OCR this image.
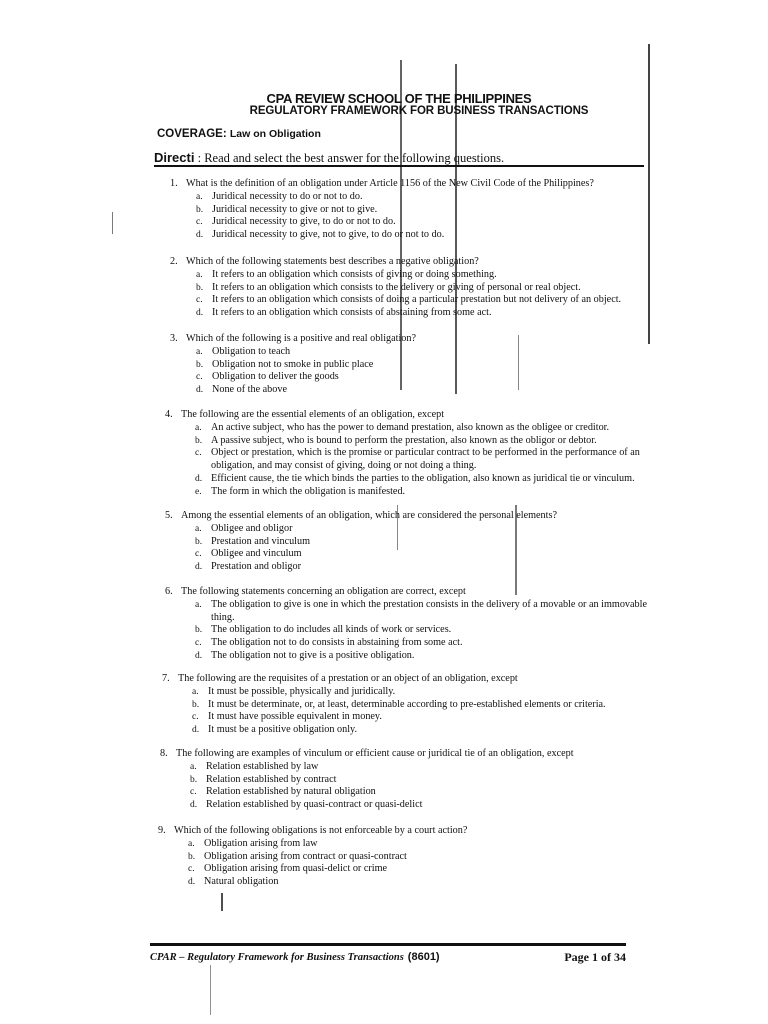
CPA REVIEW SCHOOL OF THE PHILIPPINES
REGULATORY FRAMEWORK FOR BUSINESS TRANSACTIONS
COVERAGE: Law on Obligation
Directi : Read and select the best answer for the following questions.
1. What is the definition of an obligation under Article 1156 of the New Civil Code of the Philippines?
a. Juridical necessity to do or not to do.
b. Juridical necessity to give or not to give.
c. Juridical necessity to give, to do or not to do.
d. Juridical necessity to give, not to give, to do or not to do.
2. Which of the following statements best describes a negative obligation?
a. It refers to an obligation which consists of giving or doing something.
b. It refers to an obligation which consists to the delivery or giving of personal or real object.
c. It refers to an obligation which consists of doing a particular prestation but not delivery of an object.
d. It refers to an obligation which consists of abstaining from some act.
3. Which of the following is a positive and real obligation?
a. Obligation to teach
b. Obligation not to smoke in public place
c. Obligation to deliver the goods
d. None of the above
4. The following are the essential elements of an obligation, except
a. An active subject, who has the power to demand prestation, also known as the obligee or creditor.
b. A passive subject, who is bound to perform the prestation, also known as the obligor or debtor.
c. Object or prestation, which is the promise or particular contract to be performed in the performance of an obligation, and may consist of giving, doing or not doing a thing.
d. Efficient cause, the tie which binds the parties to the obligation, also known as juridical tie or vinculum.
e. The form in which the obligation is manifested.
5. Among the essential elements of an obligation, which are considered the personal elements?
a. Obligee and obligor
b. Prestation and vinculum
c. Obligee and vinculum
d. Prestation and obligor
6. The following statements concerning an obligation are correct, except
a. The obligation to give is one in which the prestation consists in the delivery of a movable or an immovable thing.
b. The obligation to do includes all kinds of work or services.
c. The obligation not to do consists in abstaining from some act.
d. The obligation not to give is a positive obligation.
7. The following are the requisites of a prestation or an object of an obligation, except
a. It must be possible, physically and juridically.
b. It must be determinate, or, at least, determinable according to pre-established elements or criteria.
c. It must have possible equivalent in money.
d. It must be a positive obligation only.
8. The following are examples of vinculum or efficient cause or juridical tie of an obligation, except
a. Relation established by law
b. Relation established by contract
c. Relation established by natural obligation
d. Relation established by quasi-contract or quasi-delict
9. Which of the following obligations is not enforceable by a court action?
a. Obligation arising from law
b. Obligation arising from contract or quasi-contract
c. Obligation arising from quasi-delict or crime
d. Natural obligation
CPAR – Regulatory Framework for Business Transactions (8601)	Page 1 of 34
